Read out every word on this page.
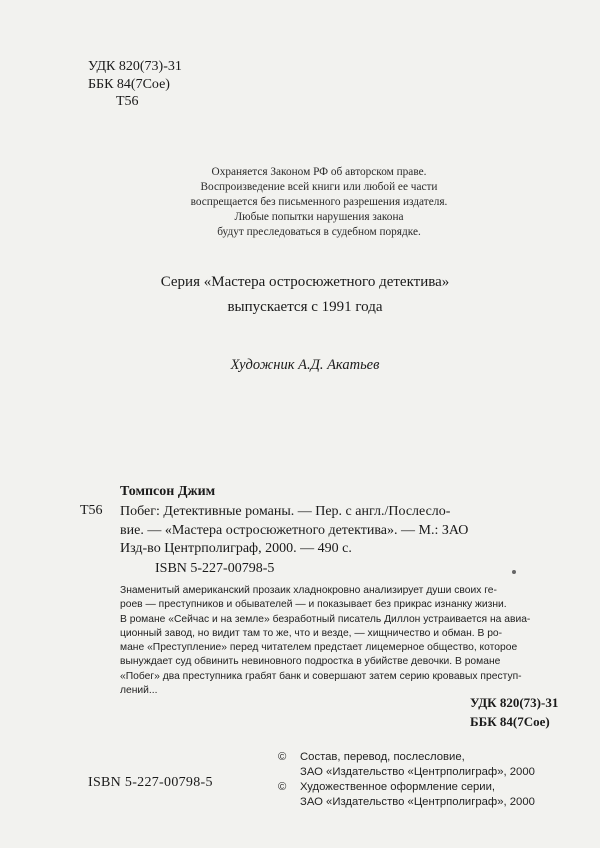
УДК 820(73)-31
ББК 84(7Сое)
Т56
Охраняется Законом РФ об авторском праве.
Воспроизведение всей книги или любой ее части
воспрещается без письменного разрешения издателя.
Любые попытки нарушения закона
будут преследоваться в судебном порядке.
Серия «Мастера остросюжетного детектива»
выпускается с 1991 года
Художник А.Д. Акатьев
Томпсон Джим
Т56 Побег: Детективные романы. — Пер. с англ./Послесло-
вие. — «Мастера остросюжетного детектива». — М.: ЗАО
Изд-во Центрполиграф, 2000. — 490 с.
ISBN 5-227-00798-5
Знаменитый американский прозаик хладнокровно анализирует души своих ге-
роев — преступников и обывателей — и показывает без прикрас изнанку жизни.
В романе «Сейчас и на земле» безработный писатель Диллон устраивается на авиа-
ционный завод, но видит там то же, что и везде, — хищничество и обман. В ро-
мане «Преступление» перед читателем предстает лицемерное общество, которое
вынуждает суд обвинить невиновного подростка в убийстве девочки. В романе
«Побег» два преступника грабят банк и совершают затем серию кровавых преступ-
лений...
УДК 820(73)-31
ББК 84(7Сое)
ISBN 5-227-00798-5
© Состав, перевод, послесловие,
ЗАО «Издательство «Центрполиграф», 2000
© Художественное оформление серии,
ЗАО «Издательство «Центрполиграф», 2000
